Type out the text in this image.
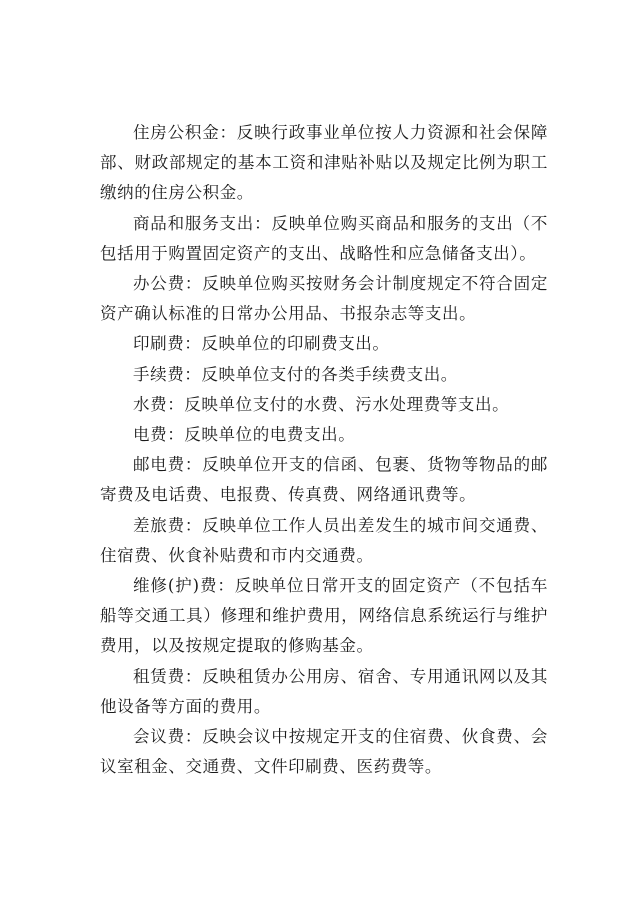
住房公积金：反映行政事业单位按人力资源和社会保障部、财政部规定的基本工资和津贴补贴以及规定比例为职工缴纳的住房公积金。

商品和服务支出：反映单位购买商品和服务的支出（不包括用于购置固定资产的支出、战略性和应急储备支出）。

办公费：反映单位购买按财务会计制度规定不符合固定资产确认标准的日常办公用品、书报杂志等支出。

印刷费：反映单位的印刷费支出。

手续费：反映单位支付的各类手续费支出。

水费：反映单位支付的水费、污水处理费等支出。

电费：反映单位的电费支出。

邮电费：反映单位开支的信函、包裹、货物等物品的邮寄费及电话费、电报费、传真费、网络通讯费等。

差旅费：反映单位工作人员出差发生的城市间交通费、住宿费、伙食补贴费和市内交通费。

维修(护)费：反映单位日常开支的固定资产（不包括车船等交通工具）修理和维护费用，网络信息系统运行与维护费用，以及按规定提取的修购基金。

租赁费：反映租赁办公用房、宿舍、专用通讯网以及其他设备等方面的费用。

会议费：反映会议中按规定开支的住宿费、伙食费、会议室租金、交通费、文件印刷费、医药费等。
